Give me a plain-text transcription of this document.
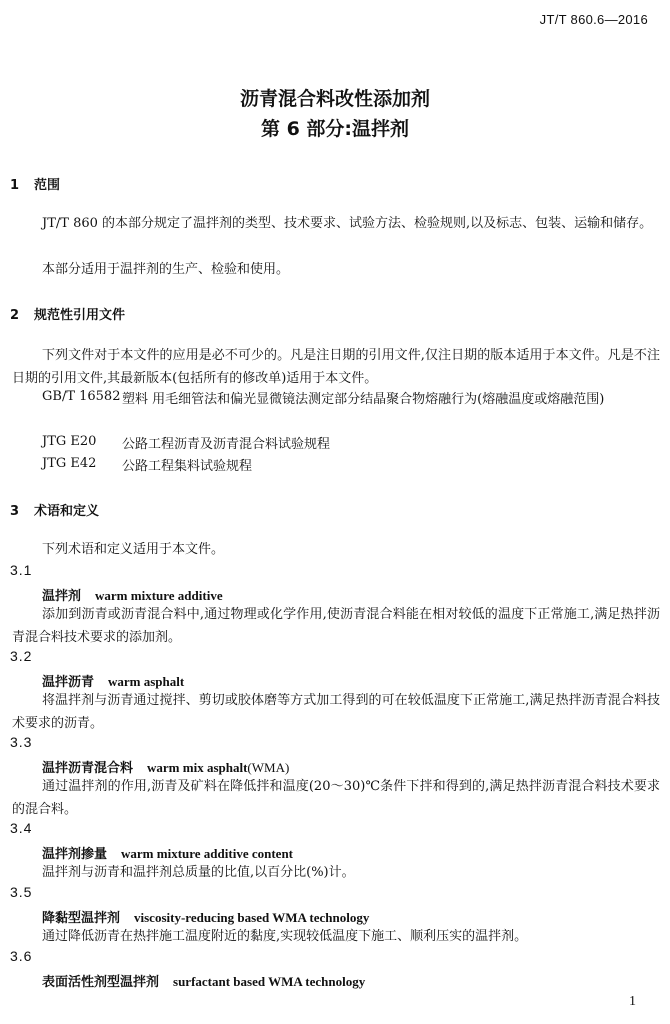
JT/T 860.6—2016
沥青混合料改性添加剂
第 6 部分:温拌剂
1 范围

JT/T 860 的本部分规定了温拌剂的类型、技术要求、试验方法、检验规则,以及标志、包装、运输和储存。

本部分适用于温拌剂的生产、检验和使用。

2 规范性引用文件

下列文件对于本文件的应用是必不可少的。凡是注日期的引用文件,仅注日期的版本适用于本文件。凡是不注日期的引用文件,其最新版本(包括所有的修改单)适用于本文件。

GB/T 16582 塑料 用毛细管法和偏光显微镜法测定部分结晶聚合物熔融行为(熔融温度或熔融范围)
JTG E20 公路工程沥青及沥青混合料试验规程
JTG E42 公路工程集料试验规程
3 术语和定义

下列术语和定义适用于本文件。

3.1
温拌剂 warm mixture additive

添加到沥青或沥青混合料中,通过物理或化学作用,使沥青混合料能在相对较低的温度下正常施工,满足热拌沥青混合料技术要求的添加剂。

3.2
温拌沥青 warm asphalt

将温拌剂与沥青通过搅拌、剪切或胶体磨等方式加工得到的可在较低温度下正常施工,满足热拌沥青混合料技术要求的沥青。

3.3
温拌沥青混合料 warm mix asphalt(WMA)

通过温拌剂的作用,沥青及矿料在降低拌和温度(20～30)℃条件下拌和得到的,满足热拌沥青混合料技术要求的混合料。

3.4
温拌剂掺量 warm mixture additive content

温拌剂与沥青和温拌剂总质量的比值,以百分比(%)计。

3.5
降黏型温拌剂 viscosity-reducing based WMA technology

通过降低沥青在热拌施工温度附近的黏度,实现较低温度下施工、顺利压实的温拌剂。

3.6
表面活性剂型温拌剂 surfactant based WMA technology
1
